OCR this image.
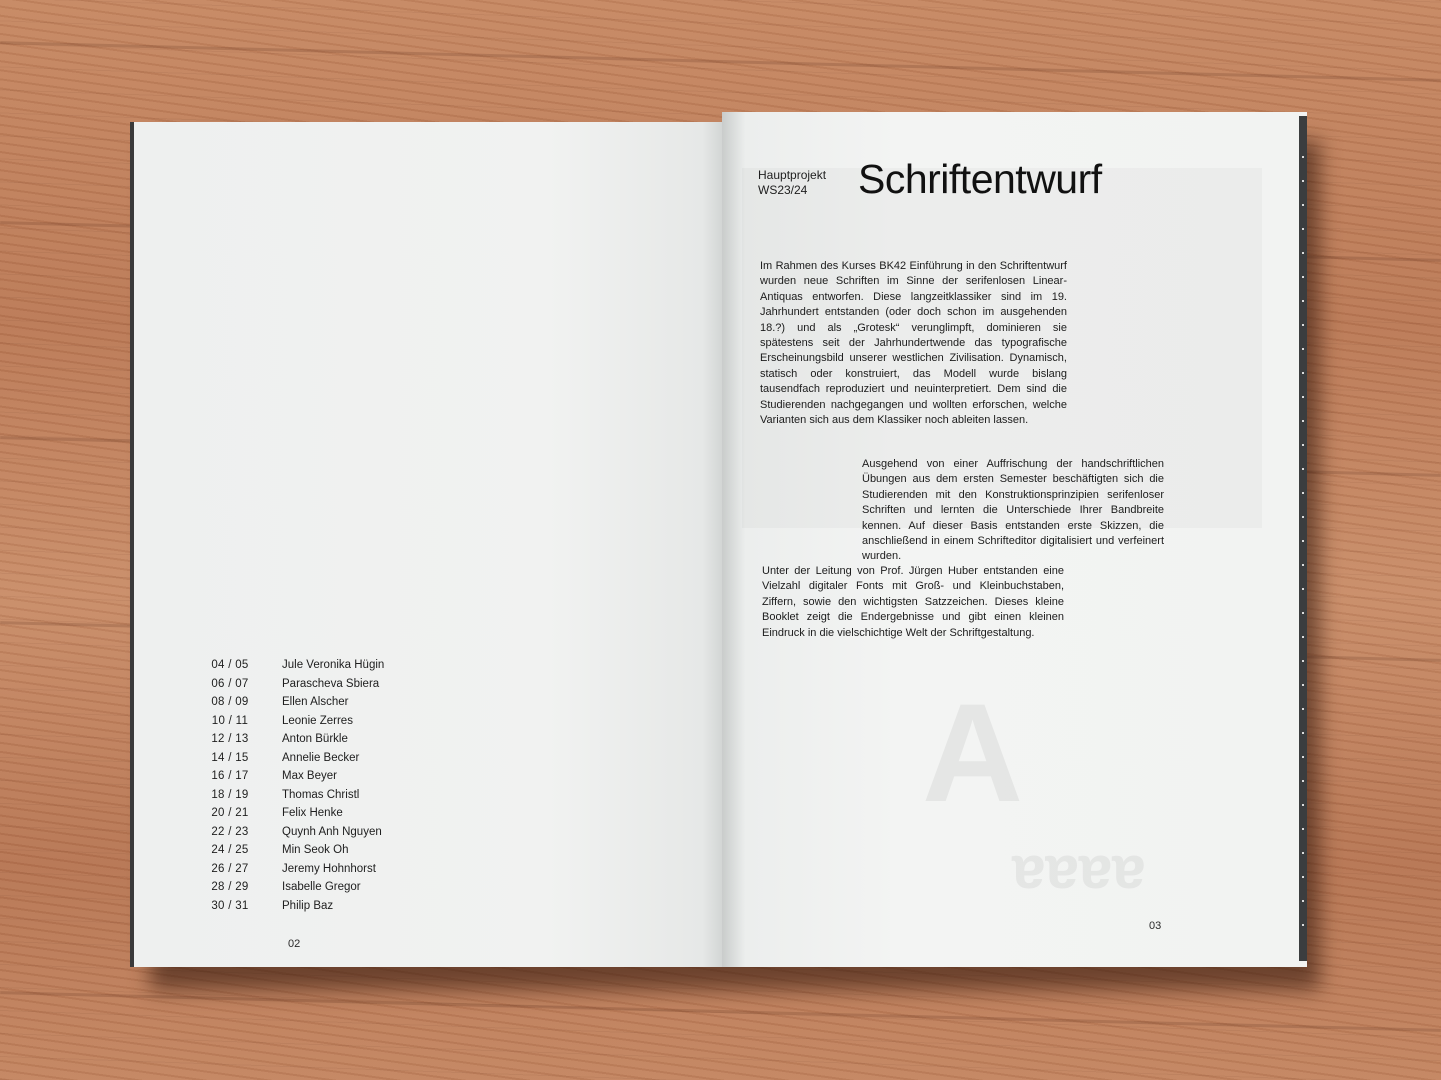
04 / 05	Jule Veronika Hügin
06 / 07	Parascheva Sbiera
08 / 09	Ellen Alscher
10 / 11	Leonie Zerres
12 / 13	Anton Bürkle
14 / 15	Annelie Becker
16 / 17	Max Beyer
18 / 19	Thomas Christl
20 / 21	Felix Henke
22 / 23	Quynh Anh Nguyen
24 / 25	Min Seok Oh
26 / 27	Jeremy Hohnhorst
28 / 29	Isabelle Gregor
30 / 31	Philip Baz
02
A
aaaa
Hauptprojekt
WS23/24	Schriftentwurf

Im Rahmen des Kurses BK42 Einführung in den Schriftentwurf wurden neue Schriften im Sinne der serifenlosen Linear-Antiquas entworfen. Diese langzeitklassiker sind im 19. Jahrhundert entstanden (oder doch schon im ausgehenden 18.?) und als „Grotesk“ verunglimpft, dominieren sie spätestens seit der Jahrhundertwende das typografische Erscheinungsbild unserer westlichen Zivilisation. Dynamisch, statisch oder konstruiert, das Modell wurde bislang tausendfach reproduziert und neuinterpretiert. Dem sind die Studierenden nachgegangen und wollten erforschen, welche Varianten sich aus dem Klassiker noch ableiten lassen.

Ausgehend von einer Auffrischung der handschriftlichen Übungen aus dem ersten Semester beschäftigten sich die Studierenden mit den Konstruktionsprinzipien serifenloser Schriften und lernten die Unterschiede Ihrer Bandbreite kennen. Auf dieser Basis entstanden erste Skizzen, die anschließend in einem Schrifteditor digitalisiert und verfeinert wurden.

Unter der Leitung von Prof. Jürgen Huber entstanden eine Vielzahl digitaler Fonts mit Groß- und Kleinbuchstaben, Ziffern, sowie den wichtigsten Satzzeichen. Dieses kleine Booklet zeigt die Endergebnisse und gibt einen kleinen Eindruck in die vielschichtige Welt der Schriftgestaltung.

03
